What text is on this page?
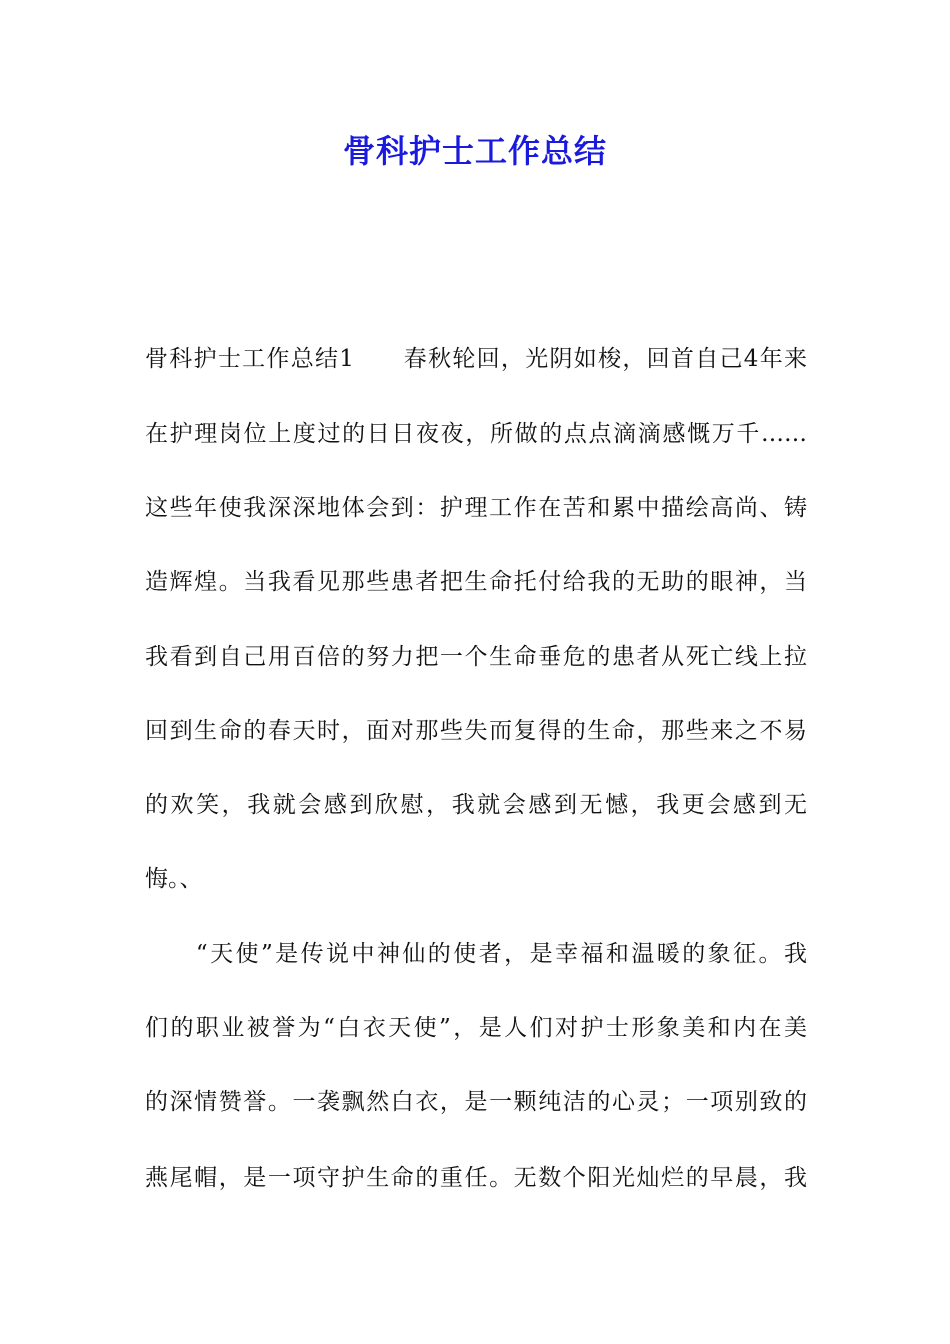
骨科护士工作总结
骨科护士工作总结1　　春秋轮回，光阴如梭，回首自己4年来
在护理岗位上度过的日日夜夜，所做的点点滴滴感慨万千……
这些年使我深深地体会到：护理工作在苦和累中描绘高尚、铸
造辉煌。当我看见那些患者把生命托付给我的无助的眼神，当
我看到自己用百倍的努力把一个生命垂危的患者从死亡线上拉
回到生命的春天时，面对那些失而复得的生命，那些来之不易
的欢笑，我就会感到欣慰，我就会感到无憾，我更会感到无
悔。、
　　“天使”是传说中神仙的使者，是幸福和温暖的象征。我
们的职业被誉为“白衣天使”，是人们对护士形象美和内在美
的深情赞誉。一袭飘然白衣，是一颗纯洁的心灵；一项别致的
燕尾帽，是一项守护生命的重任。无数个阳光灿烂的早晨，我
